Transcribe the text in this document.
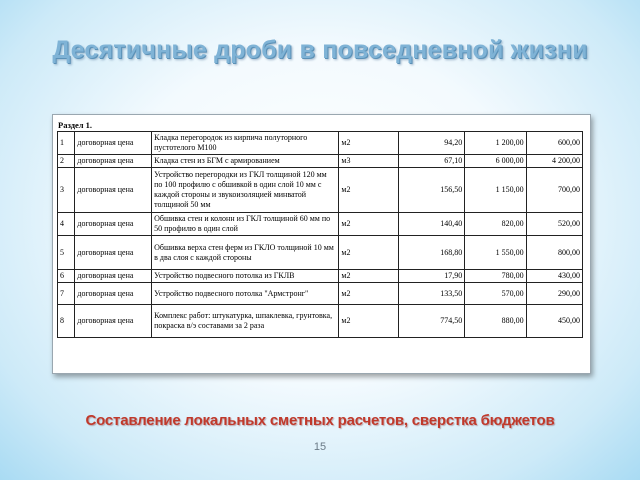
Десятичные дроби в повседневной жизни
Раздел 1.
1	договорная цена	Кладка перегородок из кирпича полуторного пустотелого М100	м2	94,20	1 200,00	600,00
2	договорная цена	Кладка стен из БГМ с армированием	м3	67,10	6 000,00	4 200,00
3	договорная цена	Устройство перегородки из ГКЛ толщиной 120 мм по 100 профилю с обшивкой в один слой 10 мм с каждой стороны и звукоизоляцией минватой толщиной 50 мм	м2	156,50	1 150,00	700,00
4	договорная цена	Обшивка стен и колонн из ГКЛ толщиной 60 мм по 50 профилю в один слой	м2	140,40	820,00	520,00
5	договорная цена	Обшивка верха стен ферм из ГКЛО толщиной 10 мм в два слоя с каждой стороны	м2	168,80	1 550,00	800,00
6	договорная цена	Устройство подвесного потолка из ГКЛВ	м2	17,90	780,00	430,00
7	договорная цена	Устройство подвесного потолка "Армстронг"	м2	133,50	570,00	290,00
8	договорная цена	Комплекс работ: штукатурка, шпаклевка, грунтовка, покраска в/э составами за 2 раза	м2	774,50	880,00	450,00
Составление локальных сметных расчетов, сверстка бюджетов
15
